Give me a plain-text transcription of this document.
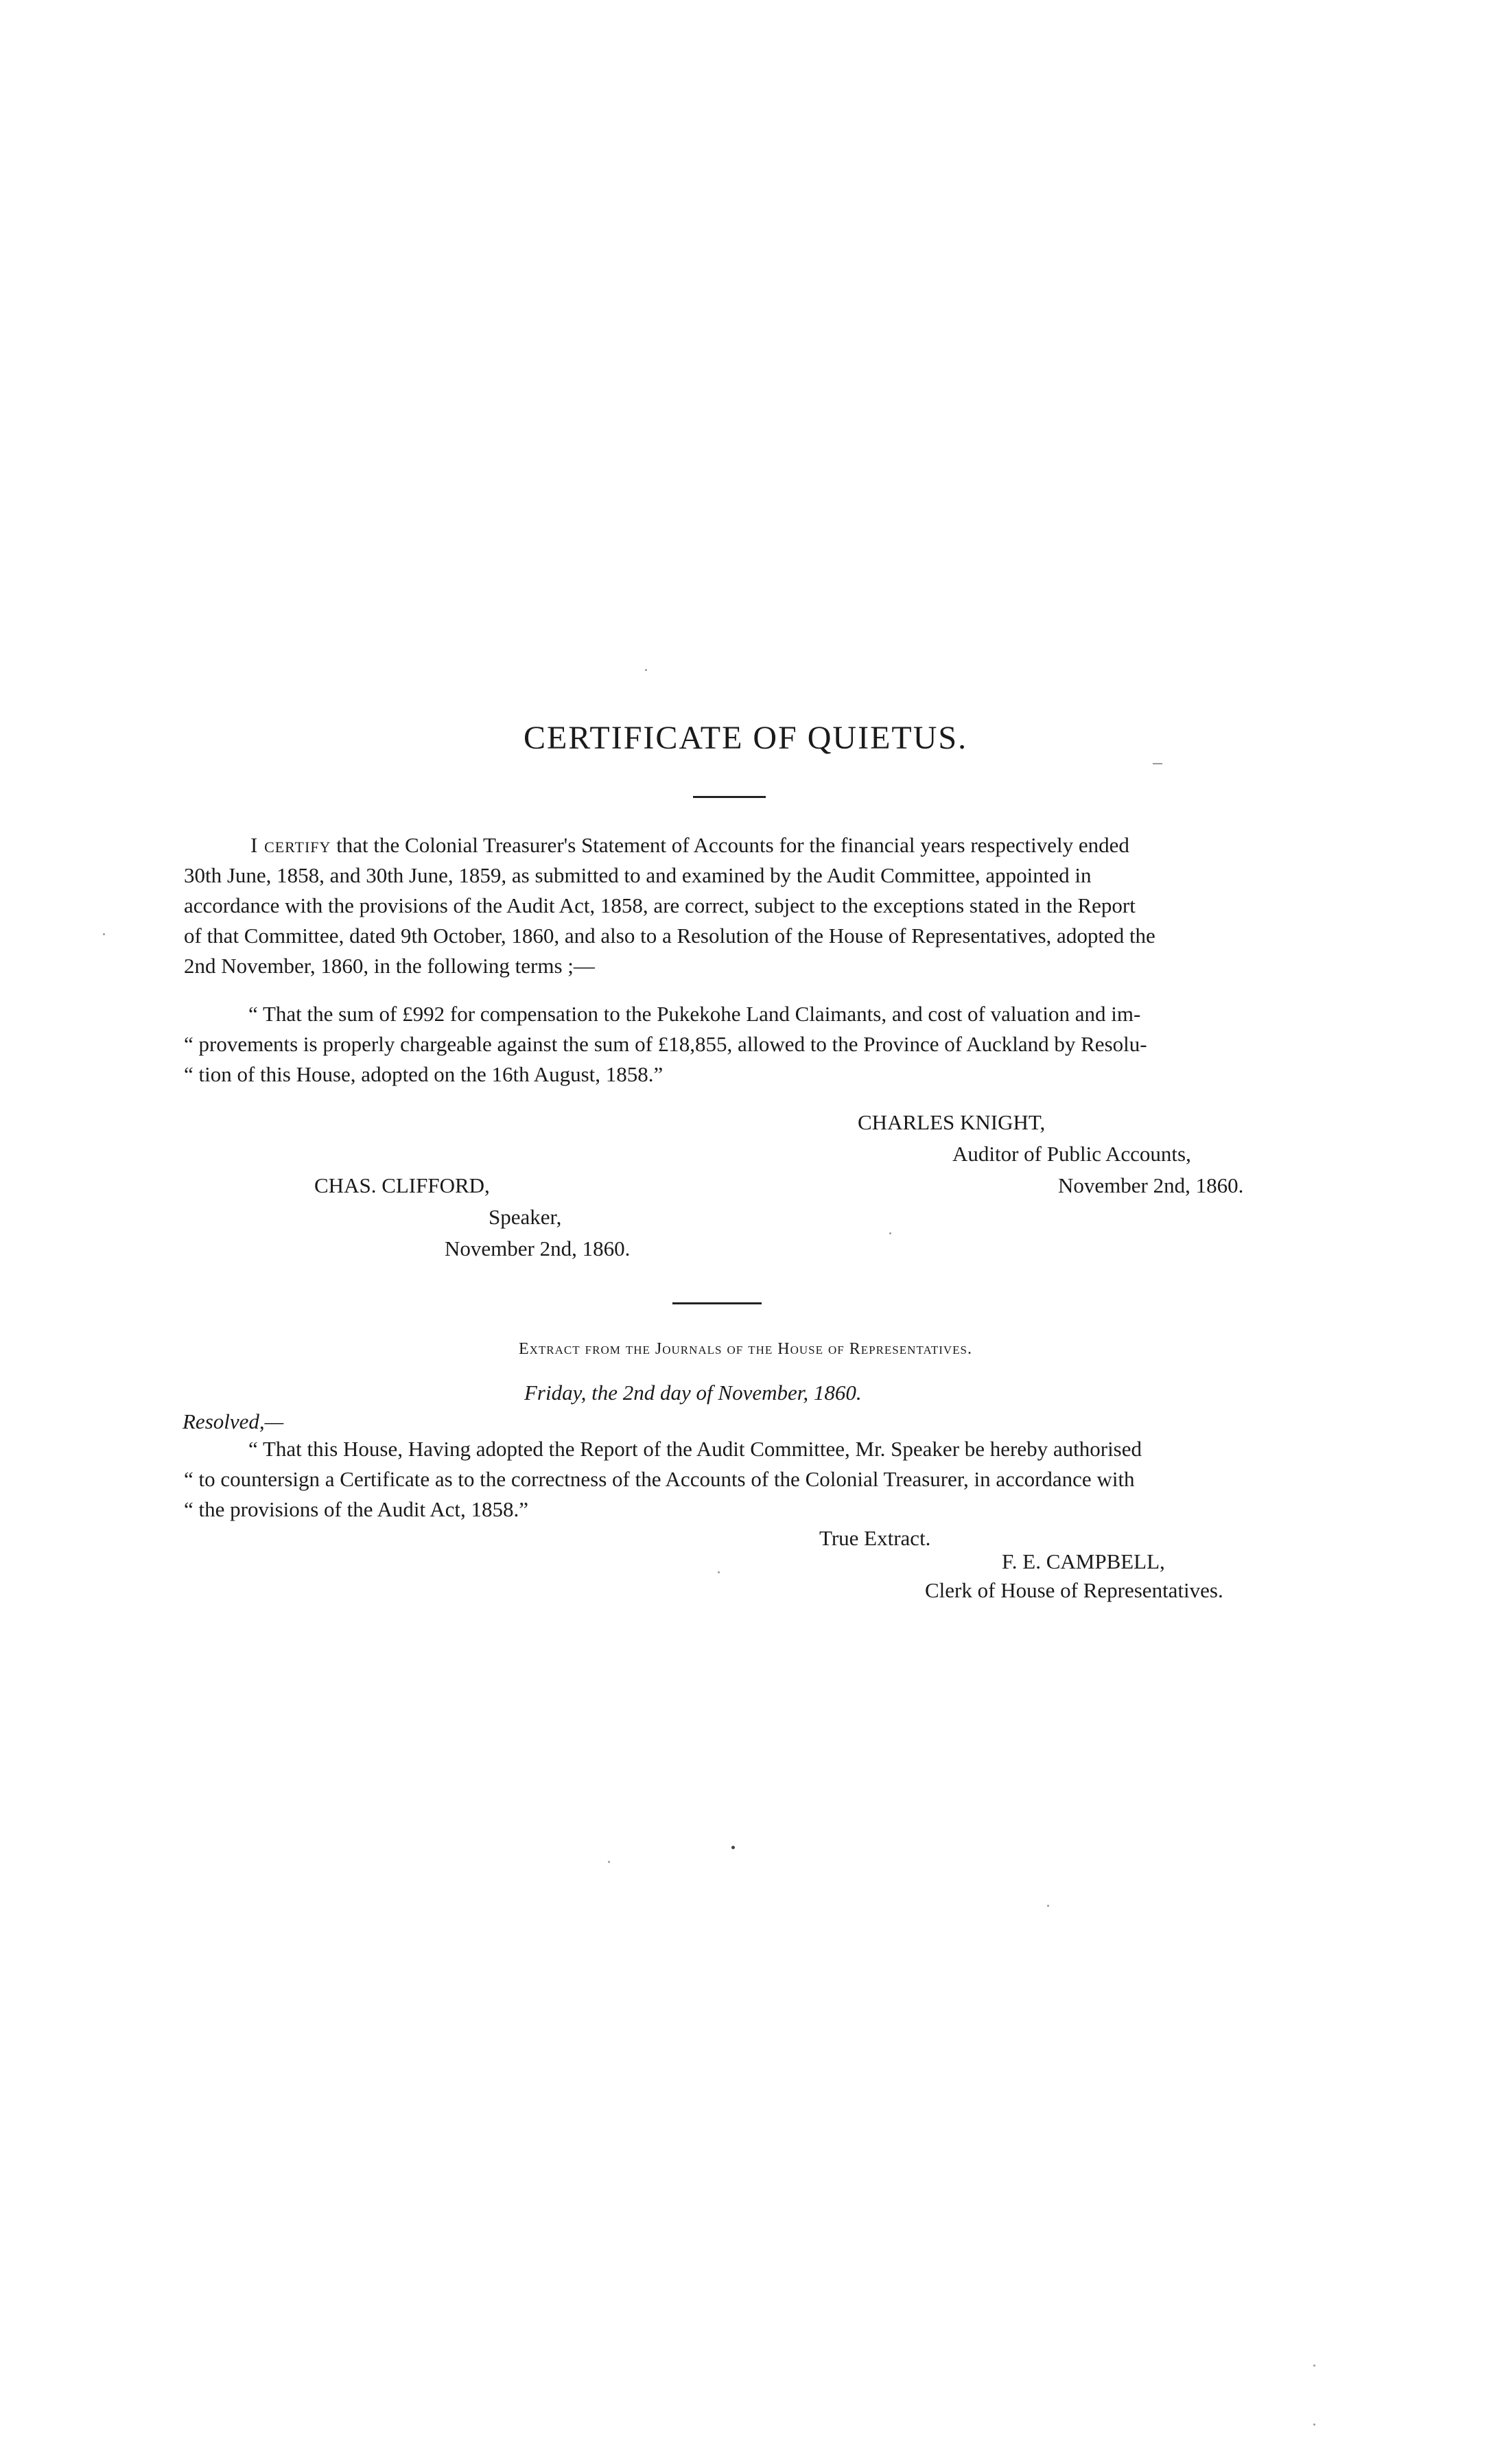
CERTIFICATE OF QUIETUS.
I certify that the Colonial Treasurer's Statement of Accounts for the financial years respectively ended
30th June, 1858, and 30th June, 1859, as submitted to and examined by the Audit Committee, appointed in
accordance with the provisions of the Audit Act, 1858, are correct, subject to the exceptions stated in the Report
of that Committee, dated 9th October, 1860, and also to a Resolution of the House of Representatives, adopted the
2nd November, 1860, in the following terms ;—
“ That the sum of £992 for compensation to the Pukekohe Land Claimants, and cost of valuation and im-
“ provements is properly chargeable against the sum of £18,855, allowed to the Province of Auckland by Resolu-
“ tion of this House, adopted on the 16th August, 1858.”
CHARLES KNIGHT,
Auditor of Public Accounts,
November 2nd, 1860.
CHAS. CLIFFORD,
Speaker,
November 2nd, 1860.
Extract from the Journals of the House of Representatives.
Friday, the 2nd day of November, 1860.
Resolved,—
“ That this House, Having adopted the Report of the Audit Committee, Mr. Speaker be hereby authorised
“ to countersign a Certificate as to the correctness of the Accounts of the Colonial Treasurer, in accordance with
“ the provisions of the Audit Act, 1858.”
True Extract.
F. E. CAMPBELL,
Clerk of House of Representatives.
